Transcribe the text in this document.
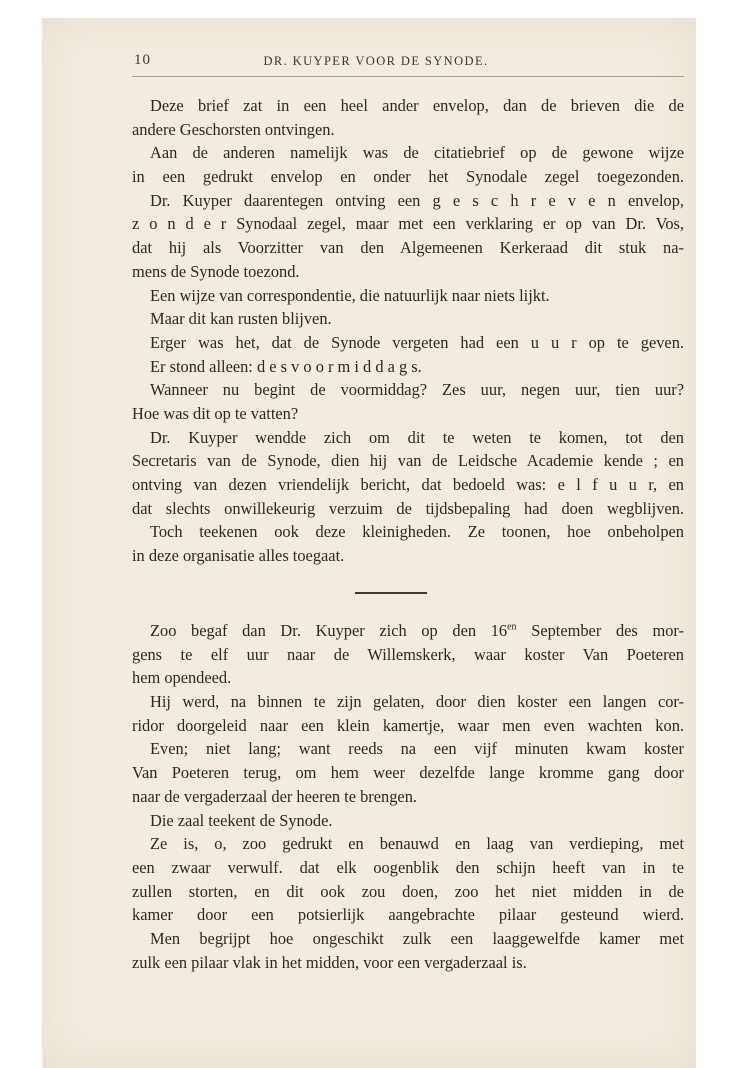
10	DR. KUYPER VOOR DE SYNODE.
Deze brief zat in een heel ander envelop, dan de brieven die de
andere Geschorsten ontvingen.
Aan de anderen namelijk was de citatiebrief op de gewone wijze
in een gedrukt envelop en onder het Synodale zegel toegezonden.
Dr. Kuyper daarentegen ontving een g e s c h r e v e n envelop,
z o n d e r Synodaal zegel, maar met een verklaring er op van Dr. Vos,
dat hij als Voorzitter van den Algemeenen Kerkeraad dit stuk na-
mens de Synode toezond.
Een wijze van correspondentie, die natuurlijk naar niets lijkt.
Maar dit kan rusten blijven.
Erger was het, dat de Synode vergeten had een u u r op te geven.
Er stond alleen: d e s v o o r m i d d a g s.
Wanneer nu begint de voormiddag? Zes uur, negen uur, tien uur?
Hoe was dit op te vatten?
Dr. Kuyper wendde zich om dit te weten te komen, tot den
Secretaris van de Synode, dien hij van de Leidsche Academie kende ; en
ontving van dezen vriendelijk bericht, dat bedoeld was: e l f u u r, en
dat slechts onwillekeurig verzuim de tijdsbepaling had doen wegblijven.
Toch teekenen ook deze kleinigheden. Ze toonen, hoe onbeholpen
in deze organisatie alles toegaat.
Zoo begaf dan Dr. Kuyper zich op den $16^{en}$ September des mor-
gens te elf uur naar de Willemskerk, waar koster Van Poeteren
hem opendeed.
Hij werd, na binnen te zijn gelaten, door dien koster een langen cor-
ridor doorgeleid naar een klein kamertje, waar men even wachten kon.
Even; niet lang; want reeds na een vijf minuten kwam koster
Van Poeteren terug, om hem weer dezelfde lange kromme gang door
naar de vergaderzaal der heeren te brengen.
Die zaal teekent de Synode.
Ze is, o, zoo gedrukt en benauwd en laag van verdieping, met
een zwaar verwulf. dat elk oogenblik den schijn heeft van in te
zullen storten, en dit ook zou doen, zoo het niet midden in de
kamer door een potsierlijk aangebrachte pilaar gesteund wierd.
Men begrijpt hoe ongeschikt zulk een laaggewelfde kamer met
zulk een pilaar vlak in het midden, voor een vergaderzaal is.
